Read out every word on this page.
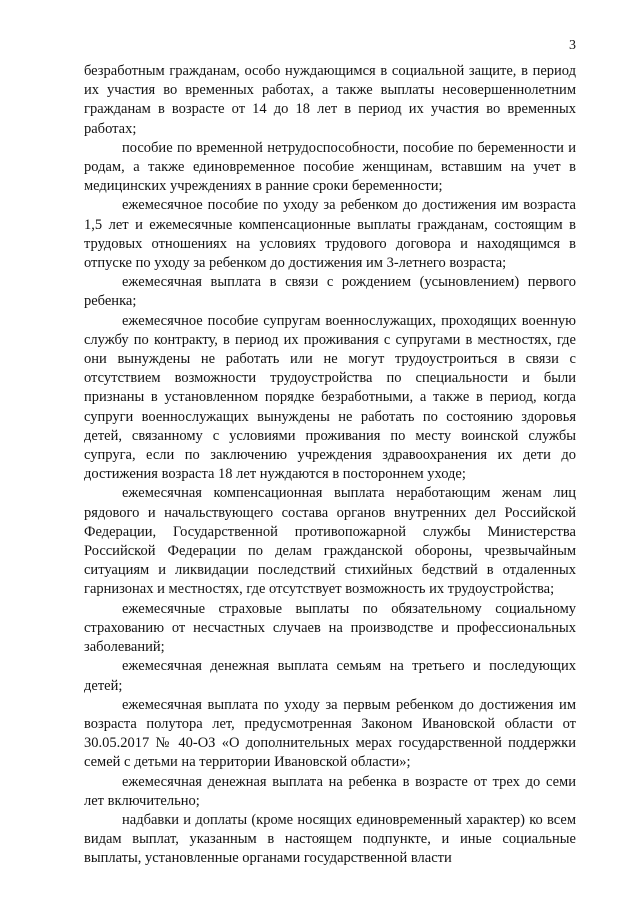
3

безработным гражданам, особо нуждающимся в социальной защите, в период их участия во временных работах, а также выплаты несовершеннолетним гражданам в возрасте от 14 до 18 лет в период их участия во временных работах;

пособие по временной нетрудоспособности, пособие по беременности и родам, а также единовременное пособие женщинам, вставшим на учет в медицинских учреждениях в ранние сроки беременности;

ежемесячное пособие по уходу за ребенком до достижения им возраста 1,5 лет и ежемесячные компенсационные выплаты гражданам, состоящим в трудовых отношениях на условиях трудового договора и находящимся в отпуске по уходу за ребенком до достижения им 3-летнего возраста;

ежемесячная выплата в связи с рождением (усыновлением) первого ребенка;

ежемесячное пособие супругам военнослужащих, проходящих военную службу по контракту, в период их проживания с супругами в местностях, где они вынуждены не работать или не могут трудоустроиться в связи с отсутствием возможности трудоустройства по специальности и были признаны в установленном порядке безработными, а также в период, когда супруги военнослужащих вынуждены не работать по состоянию здоровья детей, связанному с условиями проживания по месту воинской службы супруга, если по заключению учреждения здравоохранения их дети до достижения возраста 18 лет нуждаются в постороннем уходе;

ежемесячная компенсационная выплата неработающим женам лиц рядового и начальствующего состава органов внутренних дел Российской Федерации, Государственной противопожарной службы Министерства Российской Федерации по делам гражданской обороны, чрезвычайным ситуациям и ликвидации последствий стихийных бедствий в отдаленных гарнизонах и местностях, где отсутствует возможность их трудоустройства;

ежемесячные страховые выплаты по обязательному социальному страхованию от несчастных случаев на производстве и профессиональных заболеваний;

ежемесячная денежная выплата семьям на третьего и последующих детей;

ежемесячная выплата по уходу за первым ребенком до достижения им возраста полутора лет, предусмотренная Законом Ивановской области от 30.05.2017 № 40-ОЗ «О дополнительных мерах государственной поддержки семей с детьми на территории Ивановской области»;

ежемесячная денежная выплата на ребенка в возрасте от трех до семи лет включительно;

надбавки и доплаты (кроме носящих единовременный характер) ко всем видам выплат, указанным в настоящем подпункте, и иные социальные выплаты, установленные органами государственной власти
